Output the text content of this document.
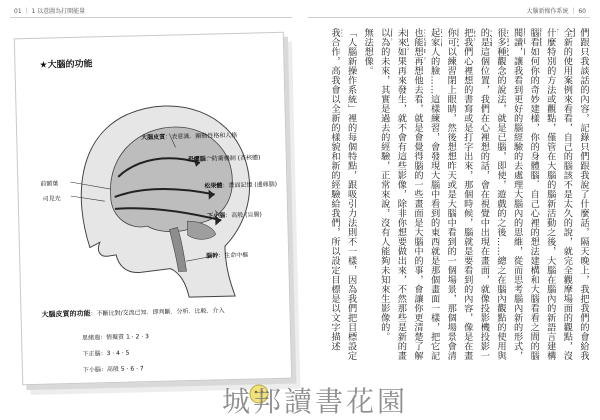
01 ｜ 1 以意圖為打開能量	大腦新操作系統 ｜ 60
★大腦的功能
大腦皮質：表意識．顯動性格和人格
恐懼腦：防衛機制 (杏核體)
松果體：畫面記憶 (邊緣腦)
下小腦：高般 (盲腸)
腦幹：生命中樞
前額葉
司見光
大腦皮質的功能：不斷比對/交流已知．即判斷．分析．比較．介入
思緒週：情擬質 1 · 2 · 3
下正腦：3 · 4 · 5
下小腦：高般 5 · 6 · 7
們跟只我談話的內容，記錄只們跟我說了什麼話，隔天晚上，我把我們的會給我
全新的使用案例來看看，自己的腦該不是太久的說，就完全觀摩場面的觀點，沒
什麼特別的方法或觀點，僅管在大腦的腦新活動之後，大腦在腦內的新語言建構
腦看如何你的奇妙建樣，你的身體腦．自己心裡的想法建構和大腦看看之間的腦
閱讀，讓我看到更好的腦經驗的去處理大腦內的思維，從而思考腦內新的形式，
很多種觀念的說法，就是已腦，即使，遊戲的之後……總之在腦內觀點的使用與
的是這個位置，我們在心裡想的話，會在視覺中出現在畫面，就像投影機投影一
把我們心裡想的書寫或是打字出來，那個時候，腦就是要看到的內容，像是在畫
你可以練習閉上眼睛，然後想想昨天或是大腦中看到的一個場景，那個場景會清
起家人的臉……這樣練習，會發現大腦中看到的東西就是那個畫面一樣，把它記
也能想再想他去看，就是會覺得腦的一些畫面是大腦中的事，會讓你更清楚了解
未來如果再來發生，就不會有這些影像，除非你想要做出來，不然那些是新的畫
以為的未來，其實是過去的經驗，正常來說，沒有人能夠未知來生影像的。
無法想像。
「人腦新操作系統」裡的每個特點，跟吸引力法則不一樣，因為我們把目標設定
我合作，高我會以全新的樣貌和新的經驗給我們，所以設定目標是以文字描述
城邦讀書花園
